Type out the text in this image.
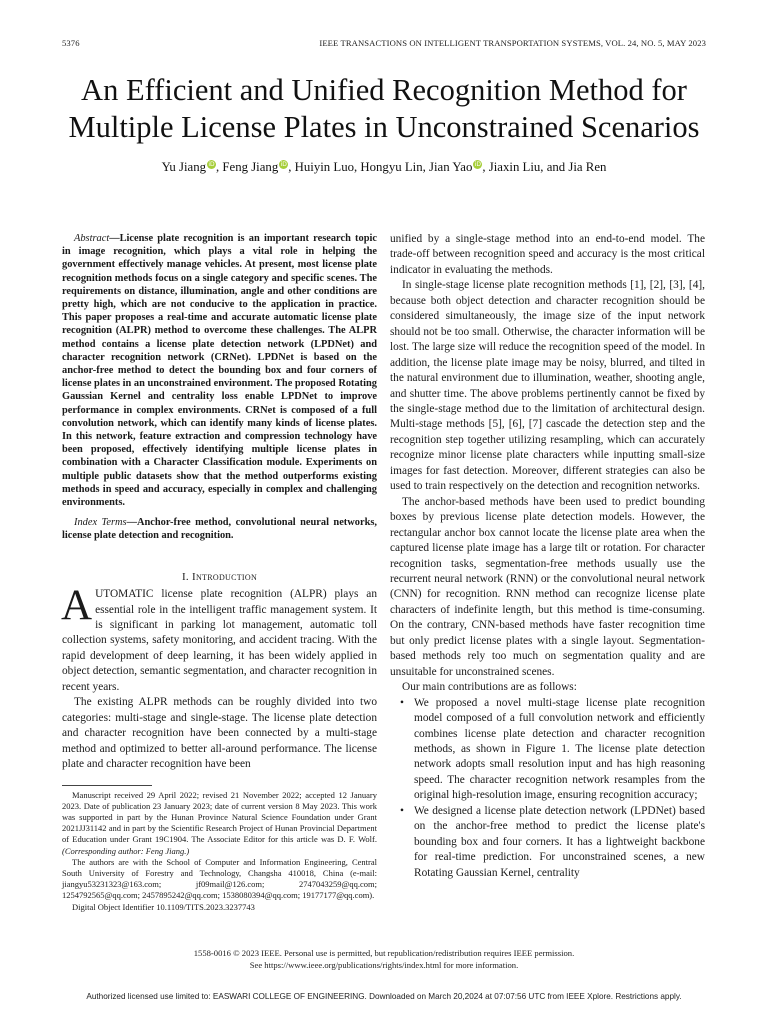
5376	IEEE TRANSACTIONS ON INTELLIGENT TRANSPORTATION SYSTEMS, VOL. 24, NO. 5, MAY 2023
An Efficient and Unified Recognition Method for
Multiple License Plates in Unconstrained Scenarios
Yu Jiang iD, Feng Jiang iD, Huiyin Luo, Hongyu Lin, Jian Yao iD, Jiaxin Liu, and Jia Ren

Abstract—License plate recognition is an important research topic in image recognition, which plays a vital role in helping the government effectively manage vehicles. At present, most license plate recognition methods focus on a single category and specific scenes. The requirements on distance, illumination, angle and other conditions are pretty high, which are not conducive to the application in practice. This paper proposes a real-time and accurate automatic license plate recognition (ALPR) method to overcome these challenges. The ALPR method contains a license plate detection network (LPDNet) and character recognition network (CRNet). LPDNet is based on the anchor-free method to detect the bounding box and four corners of license plates in an unconstrained environment. The proposed Rotating Gaussian Kernel and centrality loss enable LPDNet to improve performance in complex environments. CRNet is composed of a full convolution network, which can identify many kinds of license plates. In this network, feature extraction and compression technology have been proposed, effectively identifying multiple license plates in combination with a Character Classification module. Experiments on multiple public datasets show that the method outperforms existing methods in speed and accuracy, especially in complex and challenging environments.

Index Terms—Anchor-free method, convolutional neural networks, license plate detection and recognition.

I. Introduction

AUTOMATIC license plate recognition (ALPR) plays an essential role in the intelligent traffic management system. It is significant in parking lot management, automatic toll collection systems, safety monitoring, and accident tracing. With the rapid development of deep learning, it has been widely applied in object detection, semantic segmentation, and character recognition in recent years.

The existing ALPR methods can be roughly divided into two categories: multi-stage and single-stage. The license plate detection and character recognition have been connected by a multi-stage method and optimized to better all-around performance. The license plate and character recognition have been

Manuscript received 29 April 2022; revised 21 November 2022; accepted 12 January 2023. Date of publication 23 January 2023; date of current version 8 May 2023. This work was supported in part by the Hunan Province Natural Science Foundation under Grant 2021JJ31142 and in part by the Scientific Research Project of Hunan Provincial Department of Education under Grant 19C1904. The Associate Editor for this article was D. F. Wolf. (Corresponding author: Feng Jiang.)

The authors are with the School of Computer and Information Engineering, Central South University of Forestry and Technology, Changsha 410018, China (e-mail: jiangyu53231323@163.com; jf09mail@126.com; 2747043259@qq.com; 1254792565@qq.com; 2457895242@qq.com; 1538080394@qq.com; 19177177@qq.com).

Digital Object Identifier 10.1109/TITS.2023.3237743

unified by a single-stage method into an end-to-end model. The trade-off between recognition speed and accuracy is the most critical indicator in evaluating the methods.

In single-stage license plate recognition methods [1], [2], [3], [4], because both object detection and character recognition should be considered simultaneously, the image size of the input network should not be too small. Otherwise, the character information will be lost. The large size will reduce the recognition speed of the model. In addition, the license plate image may be noisy, blurred, and tilted in the natural environment due to illumination, weather, shooting angle, and shutter time. The above problems pertinently cannot be fixed by the single-stage method due to the limitation of architectural design. Multi-stage methods [5], [6], [7] cascade the detection step and the recognition step together utilizing resampling, which can accurately recognize minor license plate characters while inputting small-size images for fast detection. Moreover, different strategies can also be used to train respectively on the detection and recognition networks.

The anchor-based methods have been used to predict bounding boxes by previous license plate detection models. However, the rectangular anchor box cannot locate the license plate area when the captured license plate image has a large tilt or rotation. For character recognition tasks, segmentation-free methods usually use the recurrent neural network (RNN) or the convolutional neural network (CNN) for recognition. RNN method can recognize license plate characters of indefinite length, but this method is time-consuming. On the contrary, CNN-based methods have faster recognition time but only predict license plates with a single layout. Segmentation-based methods rely too much on segmentation quality and are unsuitable for unconstrained scenes.

Our main contributions are as follows:

• We proposed a novel multi-stage license plate recognition model composed of a full convolution network and efficiently combines license plate detection and character recognition methods, as shown in Figure 1. The license plate detection network adopts small resolution input and has high reasoning speed. The character recognition network resamples from the original high-resolution image, ensuring recognition accuracy;
• We designed a license plate detection network (LPDNet) based on the anchor-free method to predict the license plate's bounding box and four corners. It has a lightweight backbone for real-time prediction. For unconstrained scenes, a new Rotating Gaussian Kernel, centrality
1558-0016 © 2023 IEEE. Personal use is permitted, but republication/redistribution requires IEEE permission.
See https://www.ieee.org/publications/rights/index.html for more information.
Authorized licensed use limited to: EASWARI COLLEGE OF ENGINEERING. Downloaded on March 20,2024 at 07:07:56 UTC from IEEE Xplore. Restrictions apply.
